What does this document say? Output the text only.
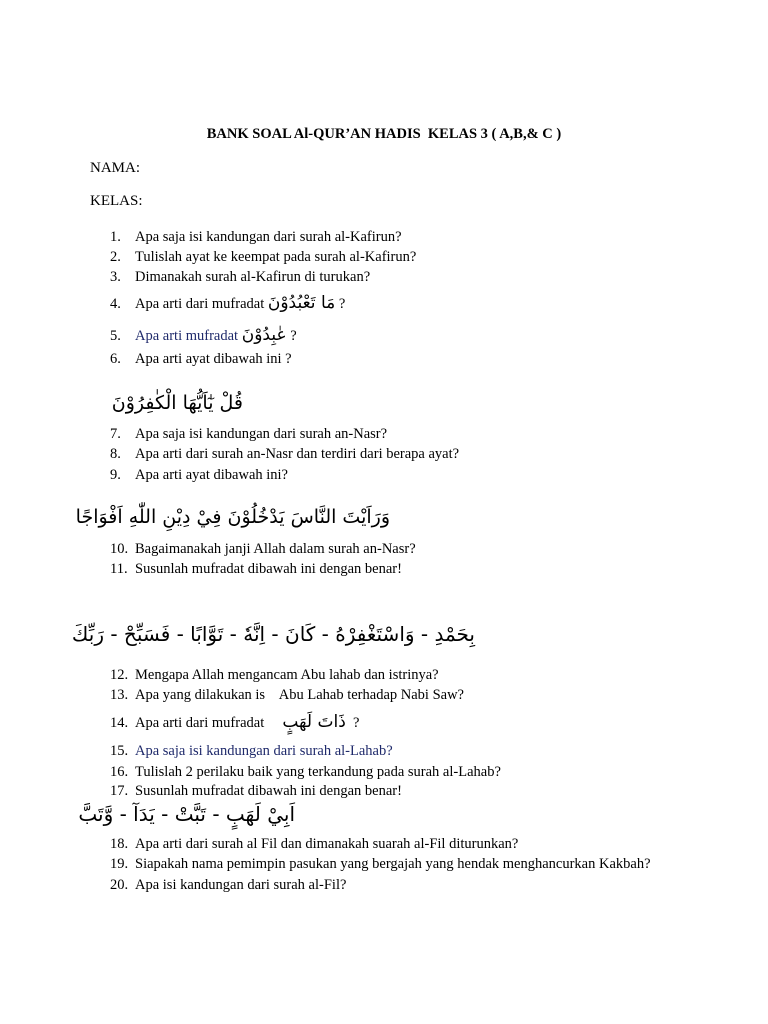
BANK SOAL Al-QUR’AN HADIS  KELAS 3 ( A,B,& C )
NAMA:
KELAS:
1. Apa saja isi kandungan dari surah al-Kafirun?
2. Tulislah ayat ke keempat pada surah al-Kafirun?
3. Dimanakah surah al-Kafirun di turukan?
4. Apa arti dari mufradat مَا تَعْبُدُوْنَ ?
5. Apa arti mufradat عٰبِدُوْنَ ?
6. Apa arti ayat dibawah ini ?
قُلْ يٰٓاَيُّهَا الْكٰفِرُوْنَ
7. Apa saja isi kandungan dari surah an-Nasr?
8. Apa arti dari surah an-Nasr dan terdiri dari berapa ayat?
9. Apa arti ayat dibawah ini?
وَرَاَيْتَ النَّاسَ يَدْخُلُوْنَ فِيْ دِيْنِ اللّٰهِ اَفْوَاجًا
10. Bagaimanakah janji Allah dalam surah an-Nasr?
11. Susunlah mufradat dibawah ini dengan benar!
بِحَمْدِ - وَاسْتَغْفِرْهُ - كَانَ - اِنَّهٗ - تَوَّابًا - فَسَبِّحْ - رَبِّكَ
12. Mengapa Allah mengancam Abu lahab dan istrinya?
13. Apa yang dilakukan is    Abu Lahab terhadap Nabi Saw?
14. Apa arti dari mufradat     ذَاتَ لَهَبٍ  ?
15. Apa saja isi kandungan dari surah al-Lahab?
16. Tulislah 2 perilaku baik yang terkandung pada surah al-Lahab?
17. Susunlah mufradat dibawah ini dengan benar!
اَبِيْ لَهَبٍ - تَبَّتْ - يَدَآ - وَّتَبَّ
18. Apa arti dari surah al Fil dan dimanakah suarah al-Fil diturunkan?
19. Siapakah nama pemimpin pasukan yang bergajah yang hendak menghancurkan Kakbah?
20. Apa isi kandungan dari surah al-Fil?
